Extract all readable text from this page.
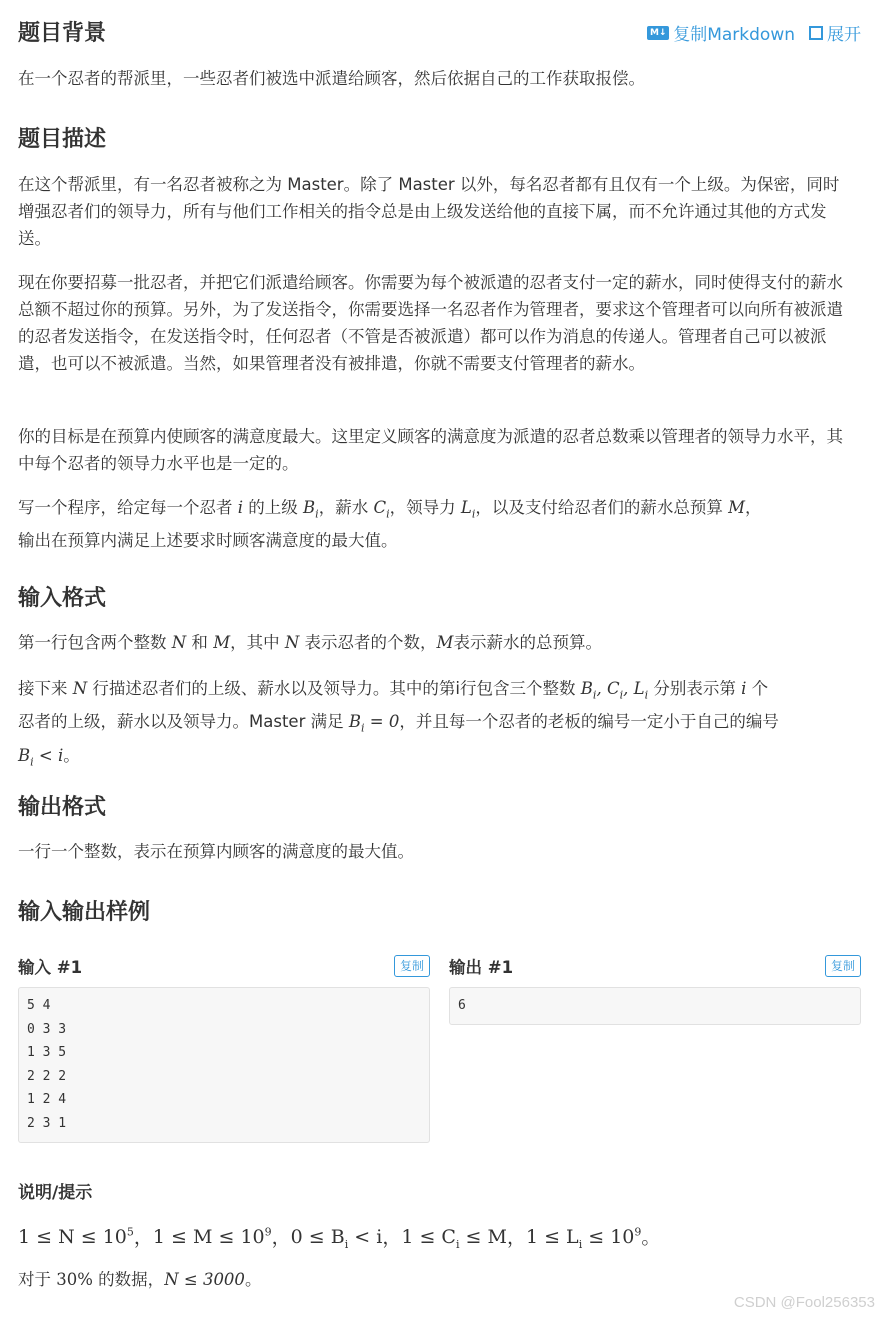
M↓ 复制Markdown 展开
题目背景

在一个忍者的帮派里，一些忍者们被选中派遣给顾客，然后依据自己的工作获取报偿。

题目描述

在这个帮派里，有一名忍者被称之为 Master。除了 Master 以外，每名忍者都有且仅有一个上级。为保密，同时增强忍者们的领导力，所有与他们工作相关的指令总是由上级发送给他的直接下属，而不允许通过其他的方式发送。

现在你要招募一批忍者，并把它们派遣给顾客。你需要为每个被派遣的忍者支付一定的薪水，同时使得支付的薪水总额不超过你的预算。另外，为了发送指令，你需要选择一名忍者作为管理者，要求这个管理者可以向所有被派遣的忍者发送指令，在发送指令时，任何忍者（不管是否被派遣）都可以作为消息的传递人。管理者自己可以被派遣，也可以不被派遣。当然，如果管理者没有被排遣，你就不需要支付管理者的薪水。

你的目标是在预算内使顾客的满意度最大。这里定义顾客的满意度为派遣的忍者总数乘以管理者的领导力水平，其中每个忍者的领导力水平也是一定的。

写一个程序，给定每一个忍者 i 的上级 $B_i$，薪水 $C_i$，领导力 $L_i$，以及支付给忍者们的薪水总预算 M，
输出在预算内满足上述要求时顾客满意度的最大值。

输入格式

第一行包含两个整数 N 和 M，其中 N 表示忍者的个数，M表示薪水的总预算。

接下来 N 行描述忍者们的上级、薪水以及领导力。其中的第i行包含三个整数 $B_i$, $C_i$, $L_i$ 分别表示第 i 个
忍者的上级，薪水以及领导力。Master 满足 $B_i = 0$，并且每一个忍者的老板的编号一定小于自己的编号
$B_i < i$。

输出格式

一行一个整数，表示在预算内顾客的满意度的最大值。

输入输出样例
输入 #1	复制
5 4
0 3 3
1 3 5
2 2 2
1 2 4
2 3 1
输出 #1	复制
6
说明/提示

$1 \le N \le 10^5$，$1 \le M \le 10^9$，$0 \le B_i < i$，$1 \le C_i \le M$，$1 \le L_i \le 10^9$。

对于 30% 的数据，N ≤ 3000。

CSDN @Fool256353
